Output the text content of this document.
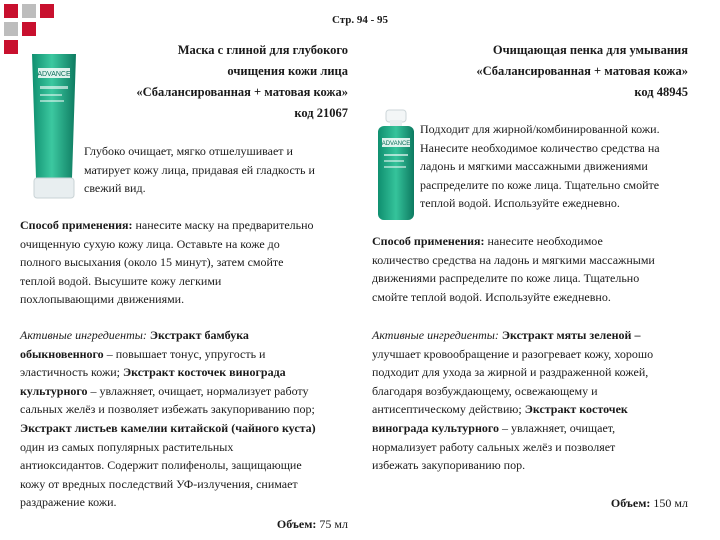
Стр. 94 - 95
Маска с глиной для глубокого
очищения кожи лица
«Сбалансированная + матовая кожа»
код 21067
ADVANCE
Глубоко очищает, мягко отшелушивает и
матирует кожу лица, придавая ей гладкость и
свежий вид.
Способ применения: нанесите маску на предварительно
очищенную сухую кожу лица. Оставьте на коже до
полного высыхания (около 15 минут), затем смойте
теплой водой. Высушите кожу легкими
похлопывающими движениями.
Активные ингредиенты: Экстракт бамбука
обыкновенного – повышает тонус, упругость и
эластичность кожи; Экстракт косточек винограда
культурного – увлажняет, очищает, нормализует работу
сальных желёз и позволяет избежать закупориванию пор;
Экстракт листьев камелии китайской (чайного куста)
один из самых популярных растительных
антиоксидантов. Содержит полифенолы, защищающие
кожу от вредных последствий УФ-излучения, снимает
раздражение кожи.
Объем: 75 мл
Очищающая пенка для умывания
«Сбалансированная + матовая кожа»
код 48945
ADVANCE
Подходит для жирной/комбинированной кожи.
Нанесите необходимое количество средства на
ладонь и мягкими массажными движениями
распределите по коже лица. Тщательно смойте
теплой водой. Используйте ежедневно.
Способ применения: нанесите необходимое
количество средства на ладонь и мягкими массажными
движениями распределите по коже лица. Тщательно
смойте теплой водой. Используйте ежедневно.
Активные ингредиенты: Экстракт мяты зеленой –
улучшает кровообращение и разогревает кожу, хорошо
подходит для ухода за жирной и раздраженной кожей,
благодаря возбуждающему, освежающему и
антисептическому действию; Экстракт косточек
винограда культурного – увлажняет, очищает,
нормализует работу сальных желёз и позволяет
избежать закупориванию пор.
Объем: 150 мл
